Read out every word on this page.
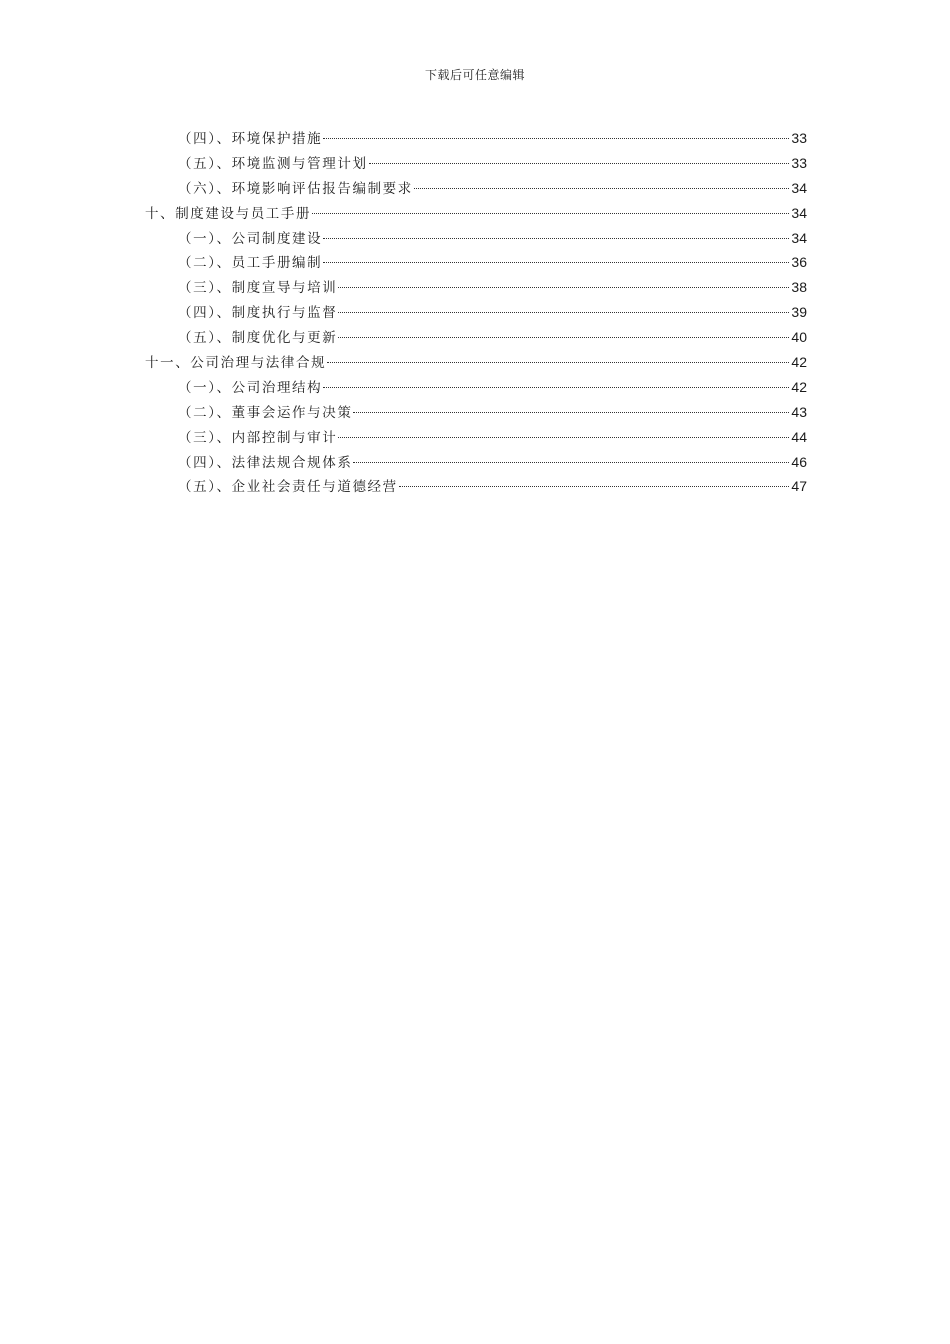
下载后可任意编辑
（四）、环境保护措施	33
（五）、环境监测与管理计划	33
（六）、环境影响评估报告编制要求	34
十、制度建设与员工手册	34
（一）、公司制度建设	34
（二）、员工手册编制	36
（三）、制度宣导与培训	38
（四）、制度执行与监督	39
（五）、制度优化与更新	40
十一、公司治理与法律合规	42
（一）、公司治理结构	42
（二）、董事会运作与决策	43
（三）、内部控制与审计	44
（四）、法律法规合规体系	46
（五）、企业社会责任与道德经营	47
